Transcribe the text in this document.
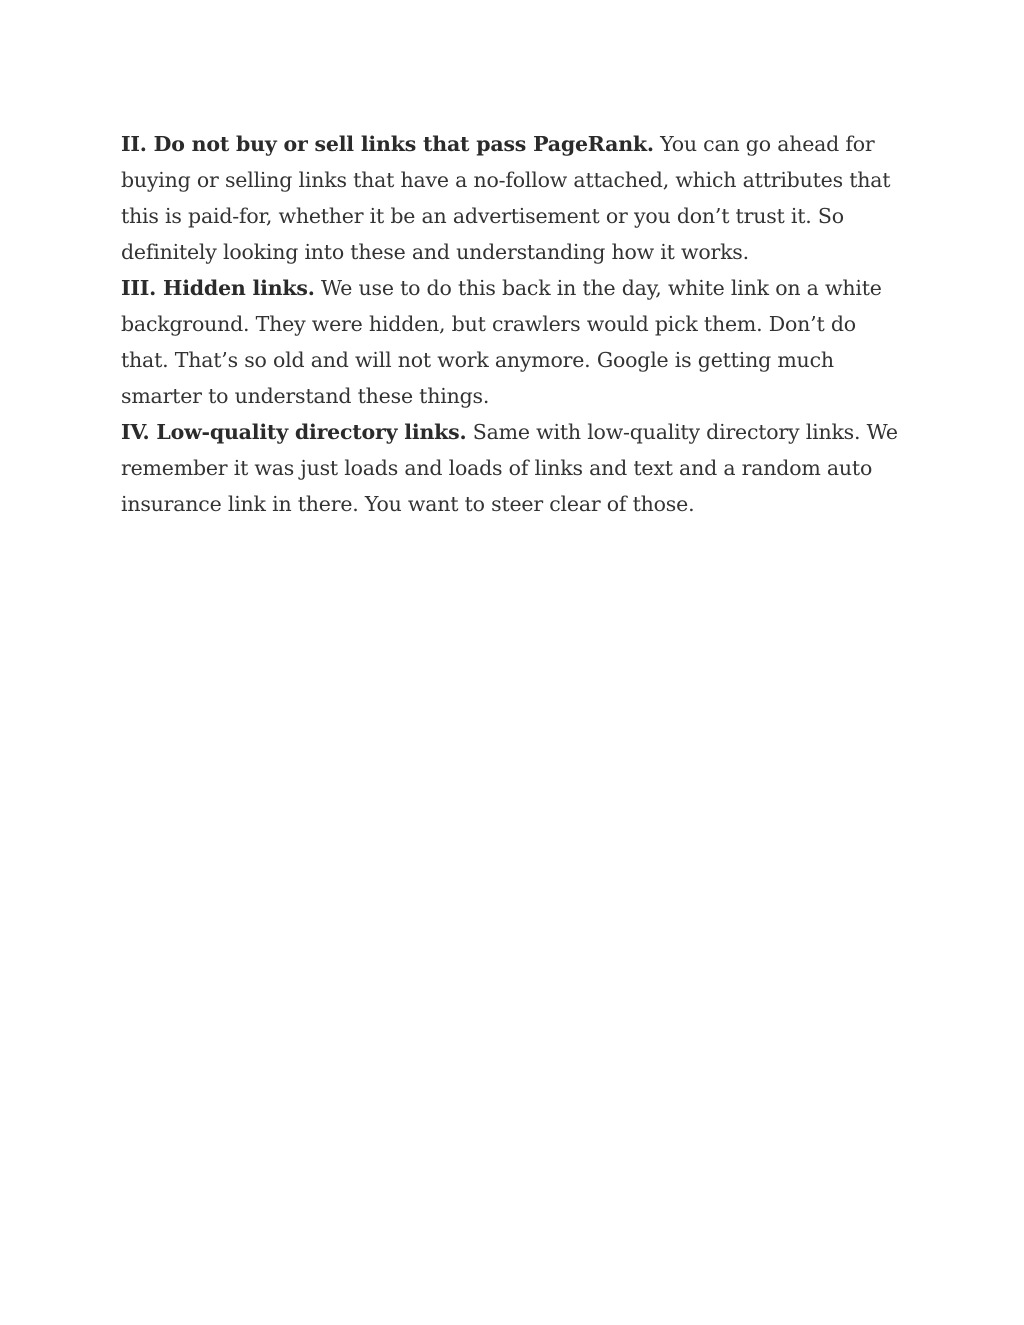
II. Do not buy or sell links that pass PageRank. You can go ahead for buying or selling links that have a no-follow attached, which attributes that this is paid-for, whether it be an advertisement or you don’t trust it. So definitely looking into these and understanding how it works.

III. Hidden links. We use to do this back in the day, white link on a white background. They were hidden, but crawlers would pick them. Don’t do that. That’s so old and will not work anymore. Google is getting much smarter to understand these things.

IV. Low-quality directory links. Same with low-quality directory links. We remember it was just loads and loads of links and text and a random auto insurance link in there. You want to steer clear of those.
